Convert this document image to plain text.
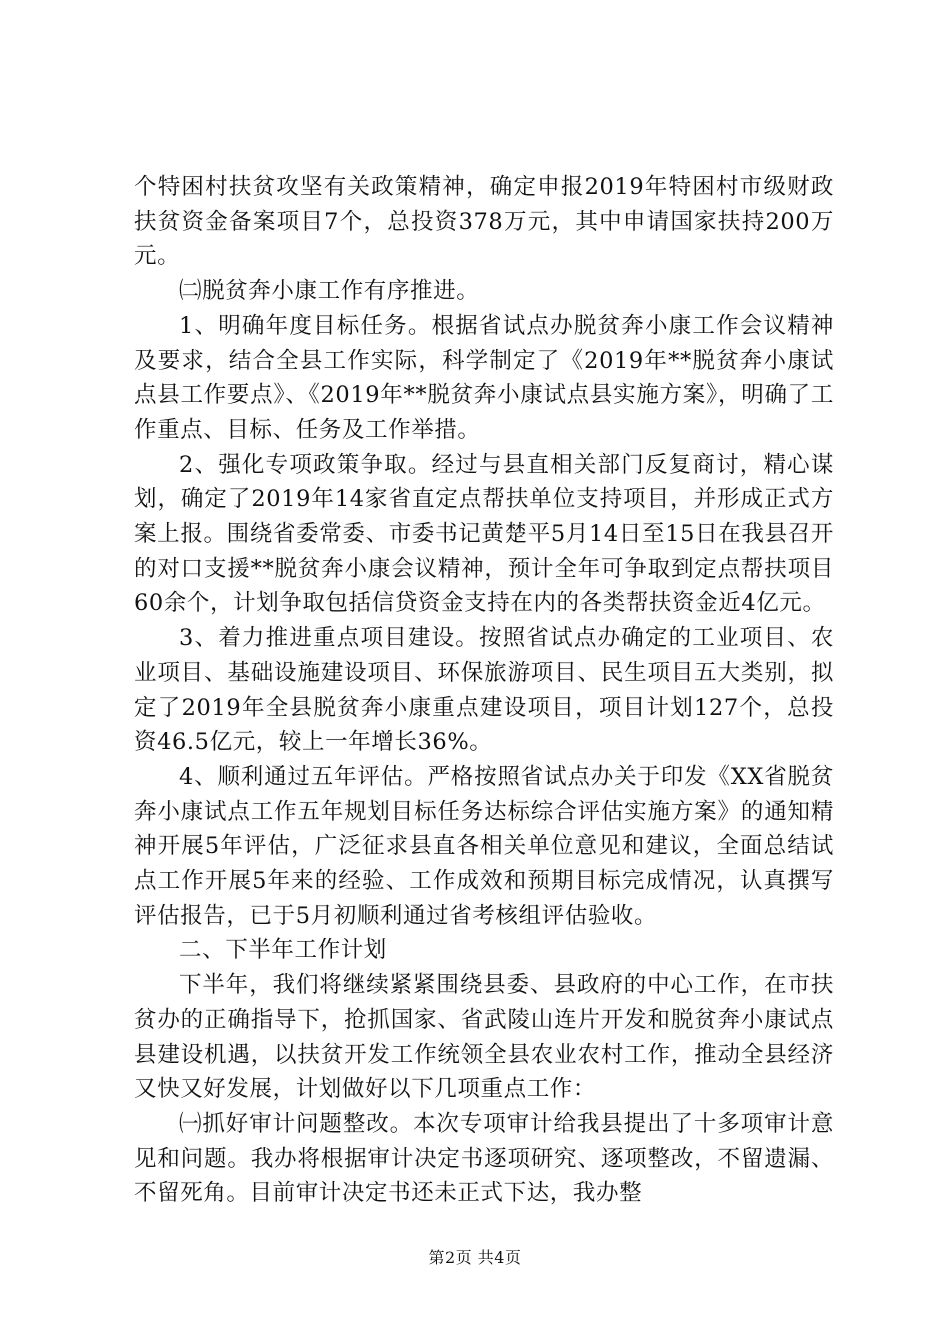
个特困村扶贫攻坚有关政策精神，确定申报2019年特困村市级财政扶贫资金备案项目7个，总投资378万元，其中申请国家扶持200万元。

㈡脱贫奔小康工作有序推进。

1、明确年度目标任务。根据省试点办脱贫奔小康工作会议精神及要求，结合全县工作实际，科学制定了《2019年**脱贫奔小康试点县工作要点》、《2019年**脱贫奔小康试点县实施方案》，明确了工作重点、目标、任务及工作举措。

2、强化专项政策争取。经过与县直相关部门反复商讨，精心谋划，确定了2019年14家省直定点帮扶单位支持项目，并形成正式方案上报。围绕省委常委、市委书记黄楚平5月14日至15日在我县召开的对口支援**脱贫奔小康会议精神，预计全年可争取到定点帮扶项目60余个，计划争取包括信贷资金支持在内的各类帮扶资金近4亿元。

3、着力推进重点项目建设。按照省试点办确定的工业项目、农业项目、基础设施建设项目、环保旅游项目、民生项目五大类别，拟定了2019年全县脱贫奔小康重点建设项目，项目计划127个，总投资46.5亿元，较上一年增长36%。

4、顺利通过五年评估。严格按照省试点办关于印发《XX省脱贫奔小康试点工作五年规划目标任务达标综合评估实施方案》的通知精神开展5年评估，广泛征求县直各相关单位意见和建议，全面总结试点工作开展5年来的经验、工作成效和预期目标完成情况，认真撰写评估报告，已于5月初顺利通过省考核组评估验收。

二、下半年工作计划

下半年，我们将继续紧紧围绕县委、县政府的中心工作，在市扶贫办的正确指导下，抢抓国家、省武陵山连片开发和脱贫奔小康试点县建设机遇，以扶贫开发工作统领全县农业农村工作，推动全县经济又快又好发展，计划做好以下几项重点工作：

㈠抓好审计问题整改。本次专项审计给我县提出了十多项审计意见和问题。我办将根据审计决定书逐项研究、逐项整改，不留遗漏、不留死角。目前审计决定书还未正式下达，我办整

第2页 共4页
